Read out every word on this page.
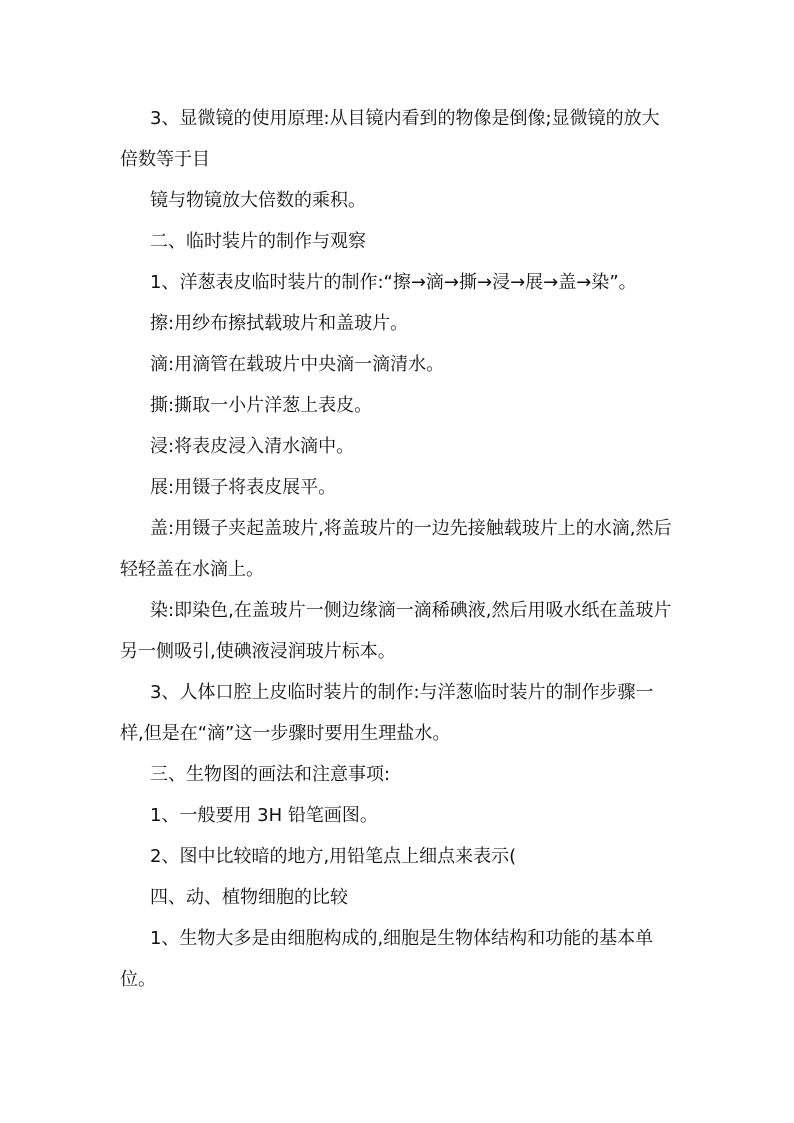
3、显微镜的使用原理:从目镜内看到的物像是倒像;显微镜的放大倍数等于目

镜与物镜放大倍数的乘积。

二、临时装片的制作与观察

1、洋葱表皮临时装片的制作:“擦→滴→撕→浸→展→盖→染”。

擦:用纱布擦拭载玻片和盖玻片。

滴:用滴管在载玻片中央滴一滴清水。

撕:撕取一小片洋葱上表皮。

浸:将表皮浸入清水滴中。

展:用镊子将表皮展平。

盖:用镊子夹起盖玻片,将盖玻片的一边先接触载玻片上的水滴,然后轻轻盖在水滴上。

染:即染色,在盖玻片一侧边缘滴一滴稀碘液,然后用吸水纸在盖玻片另一侧吸引,使碘液浸润玻片标本。

3、人体口腔上皮临时装片的制作:与洋葱临时装片的制作步骤一样,但是在“滴”这一步骤时要用生理盐水。

三、生物图的画法和注意事项:

1、一般要用 3H 铅笔画图。

2、图中比较暗的地方,用铅笔点上细点来表示(

四、动、植物细胞的比较

1、生物大多是由细胞构成的,细胞是生物体结构和功能的基本单位。
